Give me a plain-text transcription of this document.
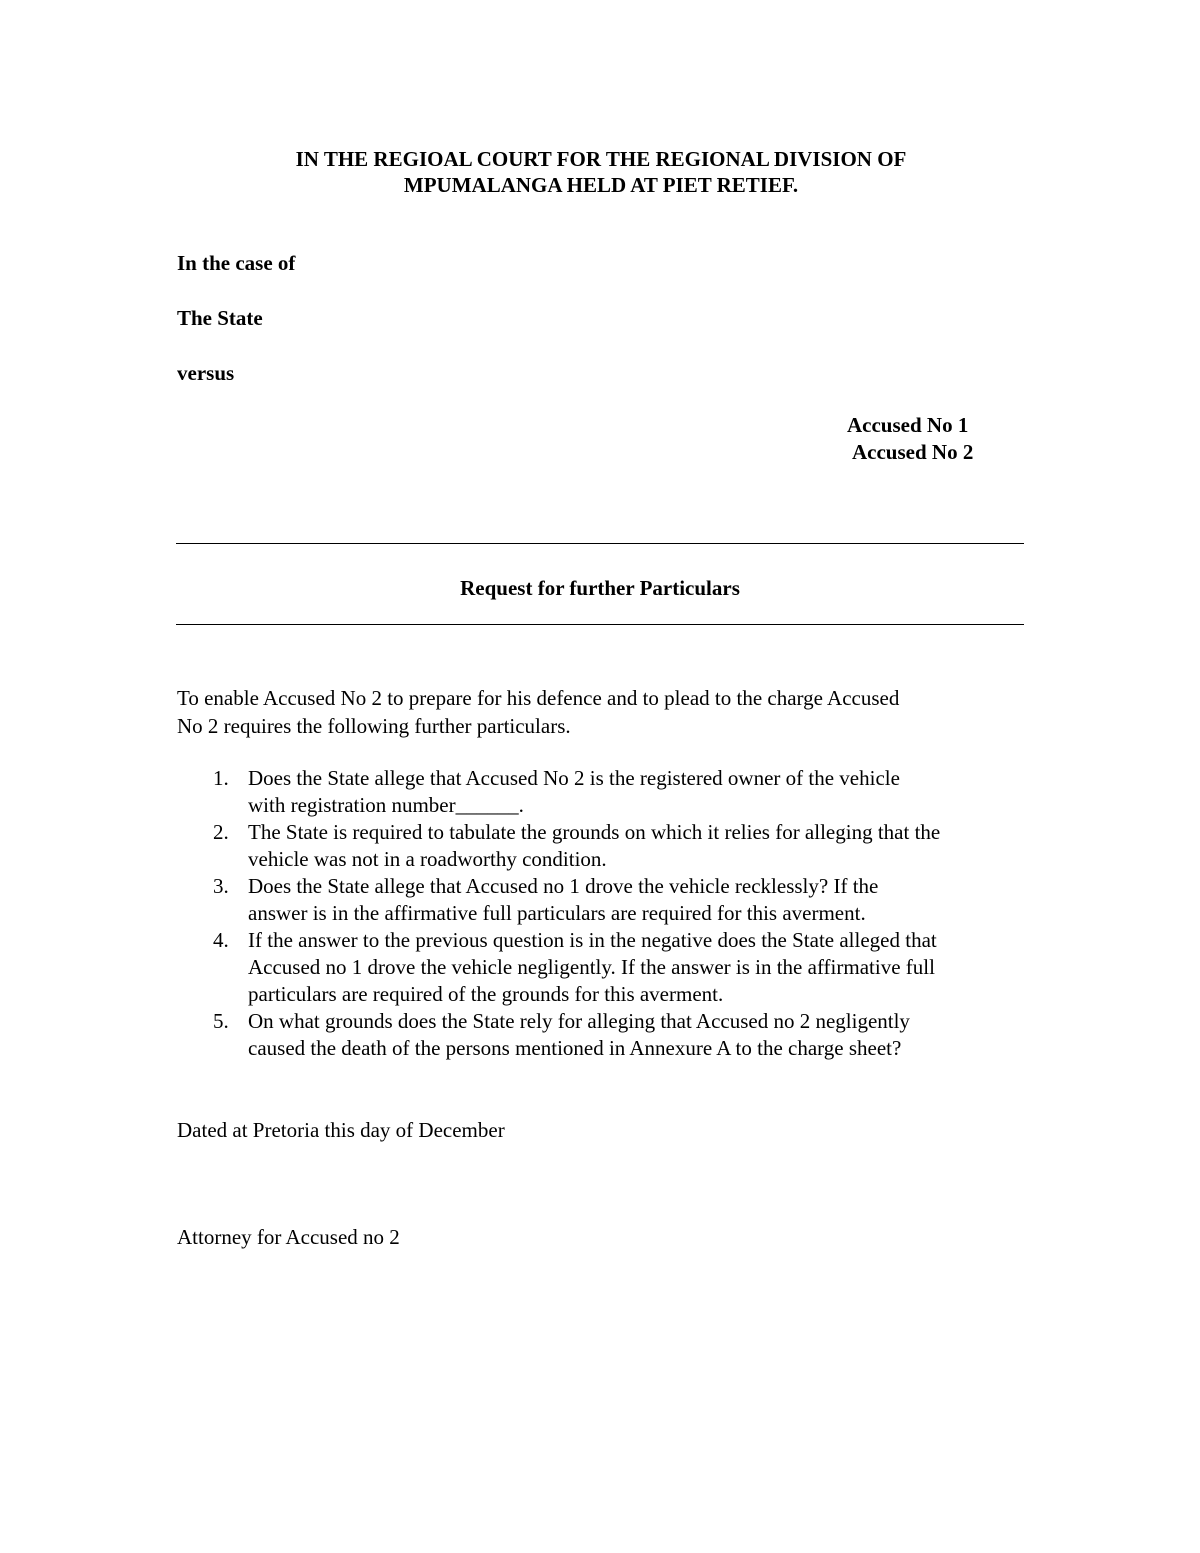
IN THE REGIOAL COURT FOR THE REGIONAL DIVISION OF
MPUMALANGA HELD AT PIET RETIEF.
In the case of
The State
versus
Accused No 1
Accused No 2
Request for further Particulars
To enable Accused No 2 to prepare for his defence and to plead to the charge Accused
No 2 requires the following further particulars.
1. Does the State allege that Accused No 2 is the registered owner of the vehicle
with registration number______.
2. The State is required to tabulate the grounds on which it relies for alleging that the
vehicle was not in a roadworthy condition.
3. Does the State allege that Accused no 1 drove the vehicle recklessly? If the
answer is in the affirmative full particulars are required for this averment.
4. If the answer to the previous question is in the negative does the State alleged that
Accused no 1 drove the vehicle negligently. If the answer is in the affirmative full
particulars are required of the grounds for this averment.
5. On what grounds does the State rely for alleging that Accused no 2 negligently
caused the death of the persons mentioned in Annexure A to the charge sheet?
Dated at Pretoria this day of December
Attorney for Accused no 2
